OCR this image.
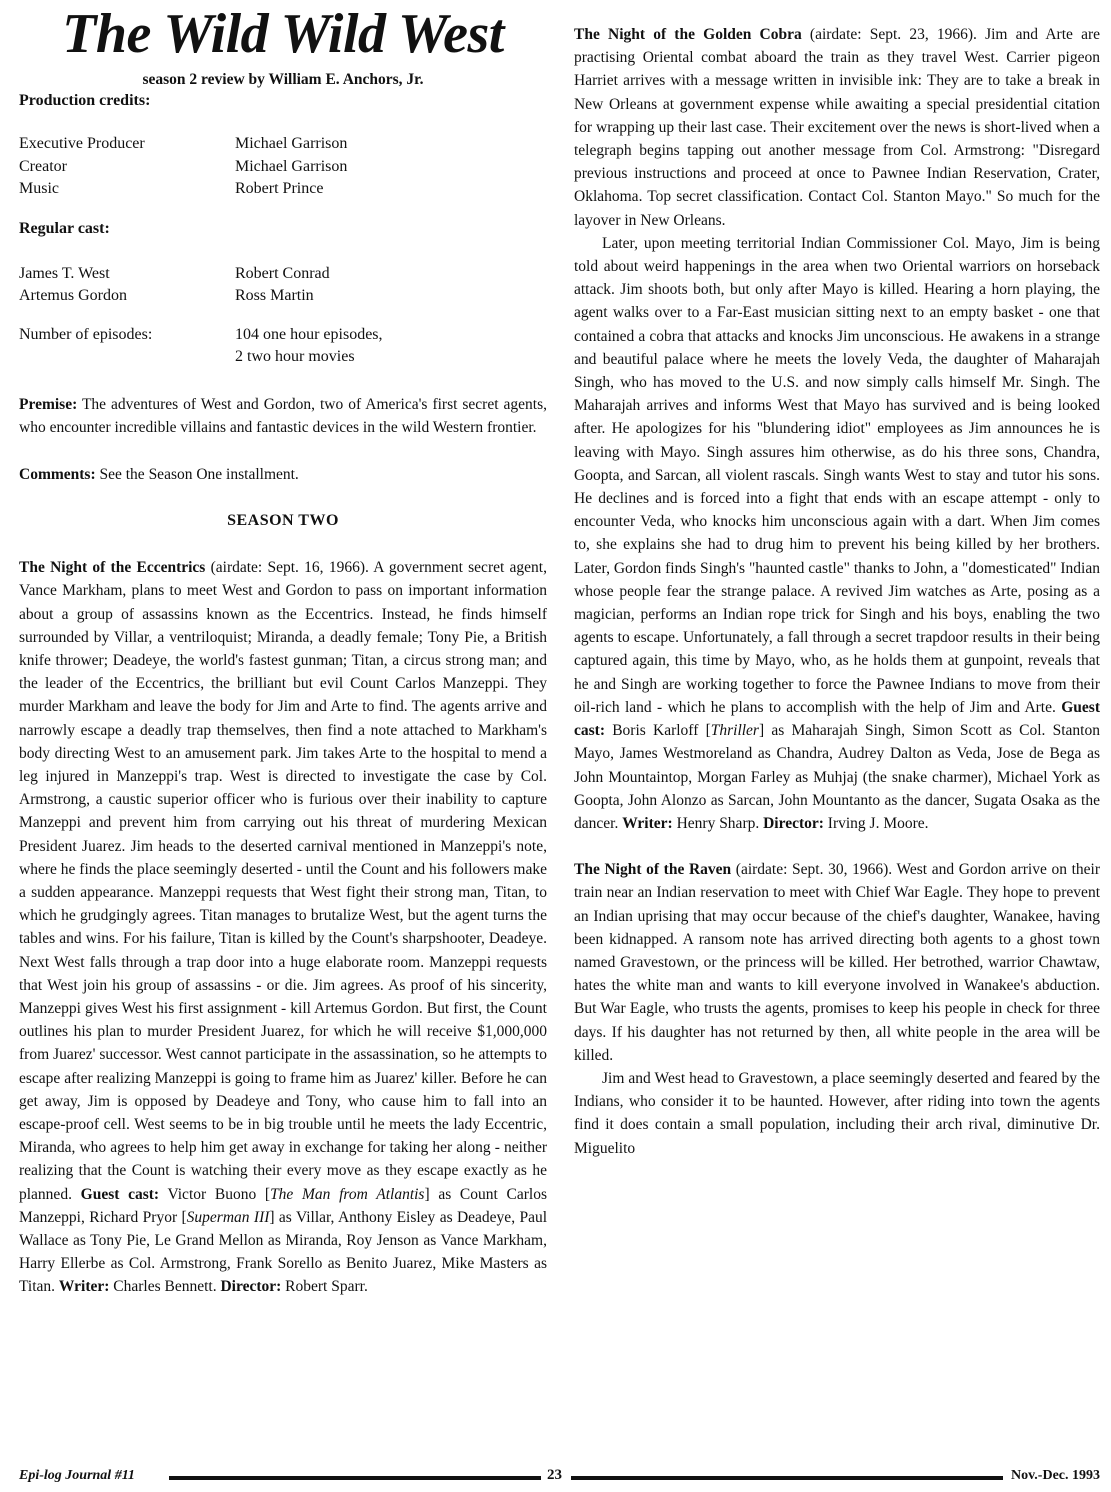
The Wild Wild West
season 2 review by William E. Anchors, Jr.
Production credits:
Executive Producer	Michael Garrison
Creator	Michael Garrison
Music	Robert Prince
Regular cast:
James T. West	Robert Conrad
Artemus Gordon	Ross Martin
Number of episodes:	104 one hour episodes,
2 two hour movies

Premise: The adventures of West and Gordon, two of America's first secret agents, who encounter incredible villains and fantastic devices in the wild Western frontier.

Comments: See the Season One installment.

SEASON TWO

The Night of the Eccentrics (airdate: Sept. 16, 1966). A government secret agent, Vance Markham, plans to meet West and Gordon to pass on important information about a group of assassins known as the Eccentrics. Instead, he finds himself surrounded by Villar, a ventriloquist; Miranda, a deadly female; Tony Pie, a British knife thrower; Deadeye, the world's fastest gunman; Titan, a circus strong man; and the leader of the Eccentrics, the brilliant but evil Count Carlos Manzeppi. They murder Markham and leave the body for Jim and Arte to find. The agents arrive and narrowly escape a deadly trap themselves, then find a note attached to Markham's body directing West to an amusement park. Jim takes Arte to the hospital to mend a leg injured in Manzeppi's trap. West is directed to investigate the case by Col. Armstrong, a caustic superior officer who is furious over their inability to capture Manzeppi and prevent him from carrying out his threat of murdering Mexican President Juarez. Jim heads to the deserted carnival mentioned in Manzeppi's note, where he finds the place seemingly deserted - until the Count and his followers make a sudden appearance. Manzeppi requests that West fight their strong man, Titan, to which he grudgingly agrees. Titan manages to brutalize West, but the agent turns the tables and wins. For his failure, Titan is killed by the Count's sharpshooter, Deadeye. Next West falls through a trap door into a huge elaborate room. Manzeppi requests that West join his group of assassins - or die. Jim agrees. As proof of his sincerity, Manzeppi gives West his first assignment - kill Artemus Gordon. But first, the Count outlines his plan to murder President Juarez, for which he will receive $1,000,000 from Juarez' successor. West cannot participate in the assassination, so he attempts to escape after realizing Manzeppi is going to frame him as Juarez' killer. Before he can get away, Jim is opposed by Deadeye and Tony, who cause him to fall into an escape-proof cell. West seems to be in big trouble until he meets the lady Eccentric, Miranda, who agrees to help him get away in exchange for taking her along - neither realizing that the Count is watching their every move as they escape exactly as he planned. Guest cast: Victor Buono [The Man from Atlantis] as Count Carlos Manzeppi, Richard Pryor [Superman III] as Villar, Anthony Eisley as Deadeye, Paul Wallace as Tony Pie, Le Grand Mellon as Miranda, Roy Jenson as Vance Markham, Harry Ellerbe as Col. Armstrong, Frank Sorello as Benito Juarez, Mike Masters as Titan. Writer: Charles Bennett. Director: Robert Sparr.

The Night of the Golden Cobra (airdate: Sept. 23, 1966). Jim and Arte are practising Oriental combat aboard the train as they travel West. Carrier pigeon Harriet arrives with a message written in invisible ink: They are to take a break in New Orleans at government expense while awaiting a special presidential citation for wrapping up their last case. Their excitement over the news is short-lived when a telegraph begins tapping out another message from Col. Armstrong: "Disregard previous instructions and proceed at once to Pawnee Indian Reservation, Crater, Oklahoma. Top secret classification. Contact Col. Stanton Mayo." So much for the layover in New Orleans.

Later, upon meeting territorial Indian Commissioner Col. Mayo, Jim is being told about weird happenings in the area when two Oriental warriors on horseback attack. Jim shoots both, but only after Mayo is killed. Hearing a horn playing, the agent walks over to a Far-East musician sitting next to an empty basket - one that contained a cobra that attacks and knocks Jim unconscious. He awakens in a strange and beautiful palace where he meets the lovely Veda, the daughter of Maharajah Singh, who has moved to the U.S. and now simply calls himself Mr. Singh. The Maharajah arrives and informs West that Mayo has survived and is being looked after. He apologizes for his "blundering idiot" employees as Jim announces he is leaving with Mayo. Singh assures him otherwise, as do his three sons, Chandra, Goopta, and Sarcan, all violent rascals. Singh wants West to stay and tutor his sons. He declines and is forced into a fight that ends with an escape attempt - only to encounter Veda, who knocks him unconscious again with a dart. When Jim comes to, she explains she had to drug him to prevent his being killed by her brothers. Later, Gordon finds Singh's "haunted castle" thanks to John, a "domesticated" Indian whose people fear the strange palace. A revived Jim watches as Arte, posing as a magician, performs an Indian rope trick for Singh and his boys, enabling the two agents to escape. Unfortunately, a fall through a secret trapdoor results in their being captured again, this time by Mayo, who, as he holds them at gunpoint, reveals that he and Singh are working together to force the Pawnee Indians to move from their oil-rich land - which he plans to accomplish with the help of Jim and Arte. Guest cast: Boris Karloff [Thriller] as Maharajah Singh, Simon Scott as Col. Stanton Mayo, James Westmoreland as Chandra, Audrey Dalton as Veda, Jose de Bega as John Mountaintop, Morgan Farley as Muhjaj (the snake charmer), Michael York as Goopta, John Alonzo as Sarcan, John Mountanto as the dancer, Sugata Osaka as the dancer. Writer: Henry Sharp. Director: Irving J. Moore.

The Night of the Raven (airdate: Sept. 30, 1966). West and Gordon arrive on their train near an Indian reservation to meet with Chief War Eagle. They hope to prevent an Indian uprising that may occur because of the chief's daughter, Wanakee, having been kidnapped. A ransom note has arrived directing both agents to a ghost town named Gravestown, or the princess will be killed. Her betrothed, warrior Chawtaw, hates the white man and wants to kill everyone involved in Wanakee's abduction. But War Eagle, who trusts the agents, promises to keep his people in check for three days. If his daughter has not returned by then, all white people in the area will be killed.

Jim and West head to Gravestown, a place seemingly deserted and feared by the Indians, who consider it to be haunted. However, after riding into town the agents find it does contain a small population, including their arch rival, diminutive Dr. Miguelito

Epi-log Journal #11	23	Nov.-Dec. 1993
